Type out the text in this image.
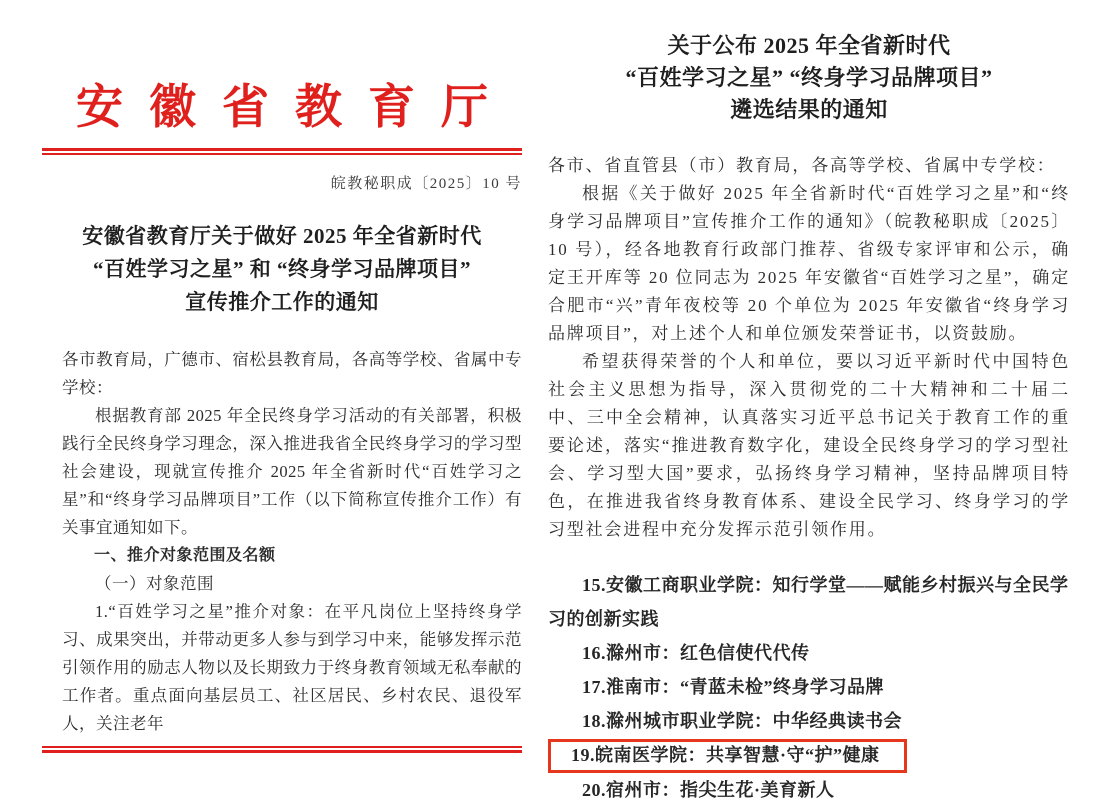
安徽省教育厅
皖教秘职成〔2025〕10 号
安徽省教育厅关于做好 2025 年全省新时代
“百姓学习之星” 和 “终身学习品牌项目”
宣传推介工作的通知

各市教育局，广德市、宿松县教育局，各高等学校、省属中专学校：

根据教育部 2025 年全民终身学习活动的有关部署，积极践行全民终身学习理念，深入推进我省全民终身学习的学习型社会建设，现就宣传推介 2025 年全省新时代“百姓学习之星”和“终身学习品牌项目”工作（以下简称宣传推介工作）有关事宜通知如下。

一、推介对象范围及名额

（一）对象范围

1.“百姓学习之星”推介对象：在平凡岗位上坚持终身学习、成果突出，并带动更多人参与到学习中来，能够发挥示范引领作用的励志人物以及长期致力于终身教育领域无私奉献的工作者。重点面向基层员工、社区居民、乡村农民、退役军人，关注老年

关于公布 2025 年全省新时代
“百姓学习之星” “终身学习品牌项目”
遴选结果的通知

各市、省直管县（市）教育局，各高等学校、省属中专学校：

根据《关于做好 2025 年全省新时代“百姓学习之星”和“终身学习品牌项目”宣传推介工作的通知》（皖教秘职成〔2025〕10 号），经各地教育行政部门推荐、省级专家评审和公示，确定王开库等 20 位同志为 2025 年安徽省“百姓学习之星”，确定合肥市“兴”青年夜校等 20 个单位为 2025 年安徽省“终身学习品牌项目”，对上述个人和单位颁发荣誉证书，以资鼓励。

希望获得荣誉的个人和单位，要以习近平新时代中国特色社会主义思想为指导，深入贯彻党的二十大精神和二十届二中、三中全会精神，认真落实习近平总书记关于教育工作的重要论述，落实“推进教育数字化，建设全民终身学习的学习型社会、学习型大国”要求，弘扬终身学习精神，坚持品牌项目特色，在推进我省终身教育体系、建设全民学习、终身学习的学习型社会进程中充分发挥示范引领作用。

15.安徽工商职业学院：知行学堂——赋能乡村振兴与全民学习的创新实践
16.滁州市：红色信使代代传
17.淮南市：“青蓝未检”终身学习品牌
18.滁州城市职业学院：中华经典读书会
19.皖南医学院：共享智慧·守“护”健康
20.宿州市：指尖生花·美育新人
